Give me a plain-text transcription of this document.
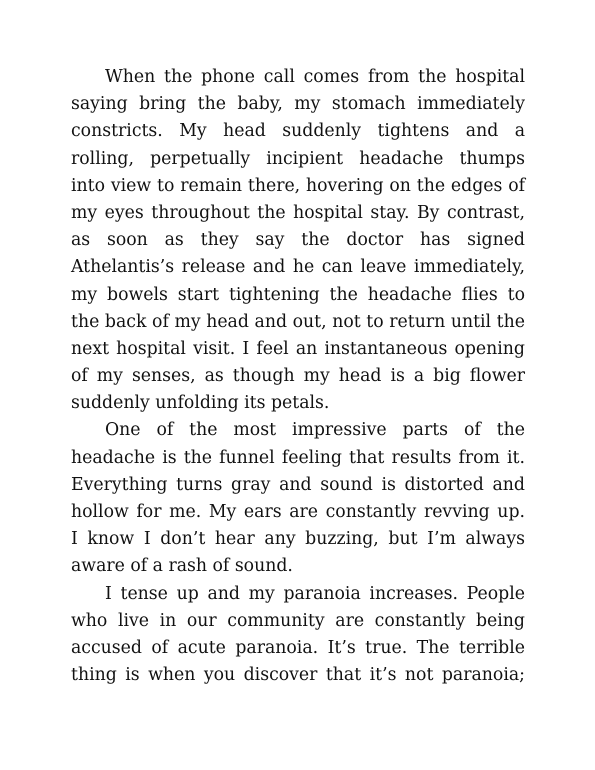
When the phone call comes from the hospital
saying bring the baby, my stomach immediately
constricts. My head suddenly tightens and a
rolling, perpetually incipient headache thumps
into view to remain there, hovering on the edges of
my eyes throughout the hospital stay. By contrast,
as soon as they say the doctor has signed
Athelantis’s release and he can leave immediately,
my bowels start tightening the headache flies to
the back of my head and out, not to return until the
next hospital visit. I feel an instantaneous opening
of my senses, as though my head is a big flower
suddenly unfolding its petals.
One of the most impressive parts of the
headache is the funnel feeling that results from it.
Everything turns gray and sound is distorted and
hollow for me. My ears are constantly revving up.
I know I don’t hear any buzzing, but I’m always
aware of a rash of sound.
I tense up and my paranoia increases. People
who live in our community are constantly being
accused of acute paranoia. It’s true. The terrible
thing is when you discover that it’s not paranoia;
